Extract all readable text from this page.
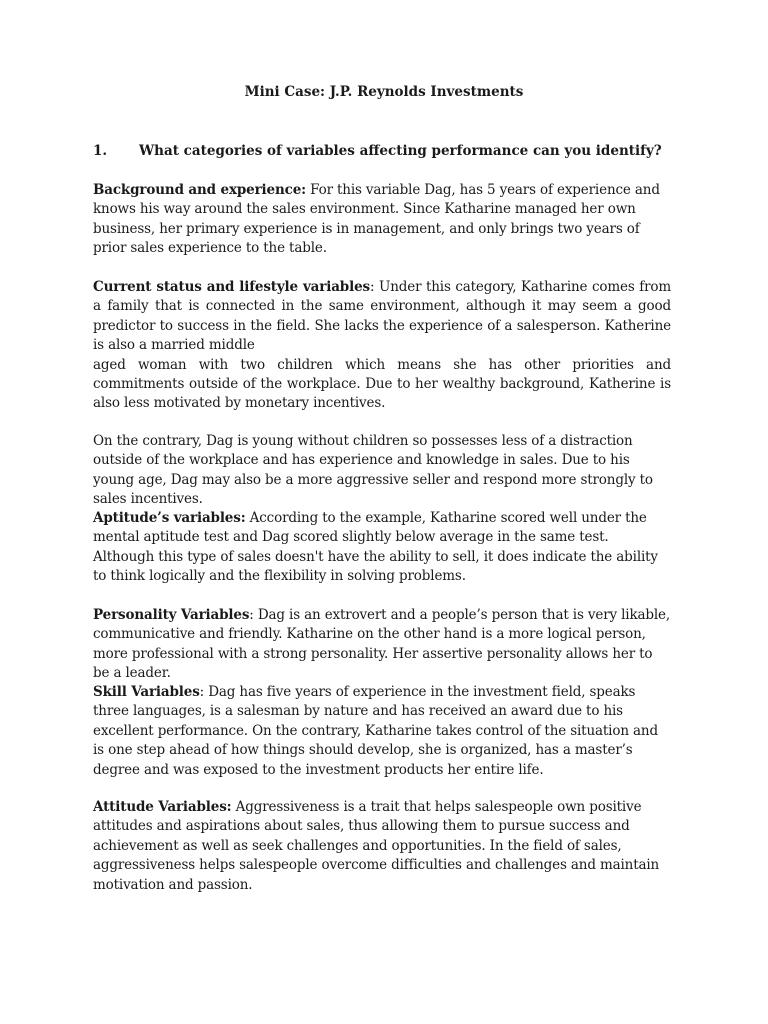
Mini Case: J.P. Reynolds Investments
1. What categories of variables affecting performance can you identify?
Background and experience: For this variable Dag, has 5 years of experience and knows his way around the sales environment. Since Katharine managed her own business, her primary experience is in management, and only brings two years of prior sales experience to the table.
Current status and lifestyle variables: Under this category, Katharine comes from a family that is connected in the same environment, although it may seem a good predictor to success in the field. She lacks the experience of a salesperson. Katherine is also a married middle
aged woman with two children which means she has other priorities and commitments outside of the workplace. Due to her wealthy background, Katherine is also less motivated by monetary incentives.
On the contrary, Dag is young without children so possesses less of a distraction outside of the workplace and has experience and knowledge in sales. Due to his young age, Dag may also be a more aggressive seller and respond more strongly to sales incentives.
Aptitude’s variables: According to the example, Katharine scored well under the mental aptitude test and Dag scored slightly below average in the same test. Although this type of sales doesn't have the ability to sell, it does indicate the ability to think logically and the flexibility in solving problems.
Personality Variables: Dag is an extrovert and a people’s person that is very likable, communicative and friendly. Katharine on the other hand is a more logical person, more professional with a strong personality. Her assertive personality allows her to be a leader.
Skill Variables: Dag has five years of experience in the investment field, speaks three languages, is a salesman by nature and has received an award due to his excellent performance. On the contrary, Katharine takes control of the situation and is one step ahead of how things should develop, she is organized, has a master’s degree and was exposed to the investment products her entire life.
Attitude Variables: Aggressiveness is a trait that helps salespeople own positive attitudes and aspirations about sales, thus allowing them to pursue success and achievement as well as seek challenges and opportunities. In the field of sales, aggressiveness helps salespeople overcome difficulties and challenges and maintain motivation and passion.
